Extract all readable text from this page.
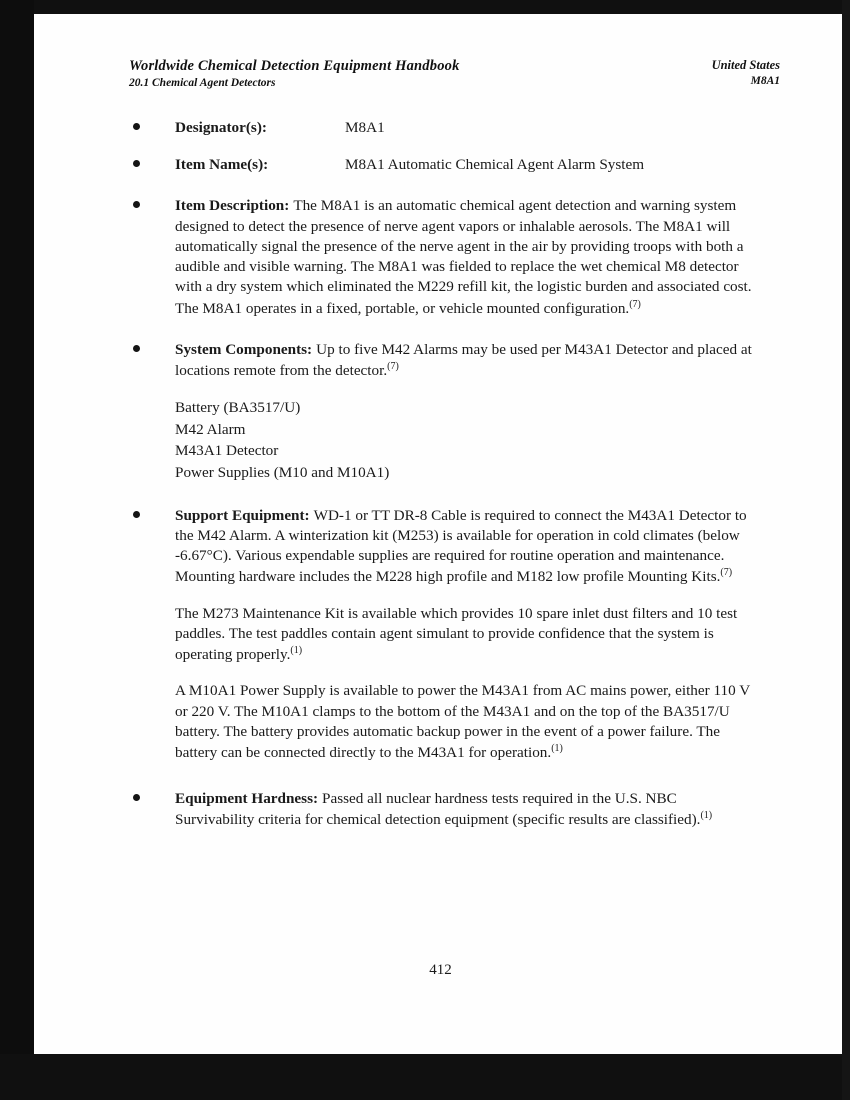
Worldwide Chemical Detection Equipment Handbook
20.1 Chemical Agent Detectors
United States
M8A1
Designator(s):	M8A1
Item Name(s):	M8A1 Automatic Chemical Agent Alarm System
Item Description: The M8A1 is an automatic chemical agent detection and warning system designed to detect the presence of nerve agent vapors or inhalable aerosols. The M8A1 will automatically signal the presence of the nerve agent in the air by providing troops with both a audible and visible warning. The M8A1 was fielded to replace the wet chemical M8 detector with a dry system which eliminated the M229 refill kit, the logistic burden and associated cost. The M8A1 operates in a fixed, portable, or vehicle mounted configuration.$^{(7)}$
System Components: Up to five M42 Alarms may be used per M43A1 Detector and placed at locations remote from the detector.$^{(7)}$
Battery (BA3517/U)
M42 Alarm
M43A1 Detector
Power Supplies (M10 and M10A1)
Support Equipment: WD-1 or TT DR-8 Cable is required to connect the M43A1 Detector to the M42 Alarm. A winterization kit (M253) is available for operation in cold climates (below -6.67°C). Various expendable supplies are required for routine operation and maintenance. Mounting hardware includes the M228 high profile and M182 low profile Mounting Kits.$^{(7)}$
The M273 Maintenance Kit is available which provides 10 spare inlet dust filters and 10 test paddles. The test paddles contain agent simulant to provide confidence that the system is operating properly.$^{(1)}$
A M10A1 Power Supply is available to power the M43A1 from AC mains power, either 110 V or 220 V. The M10A1 clamps to the bottom of the M43A1 and on the top of the BA3517/U battery. The battery provides automatic backup power in the event of a power failure. The battery can be connected directly to the M43A1 for operation.$^{(1)}$
Equipment Hardness: Passed all nuclear hardness tests required in the U.S. NBC Survivability criteria for chemical detection equipment (specific results are classified).$^{(1)}$
412
